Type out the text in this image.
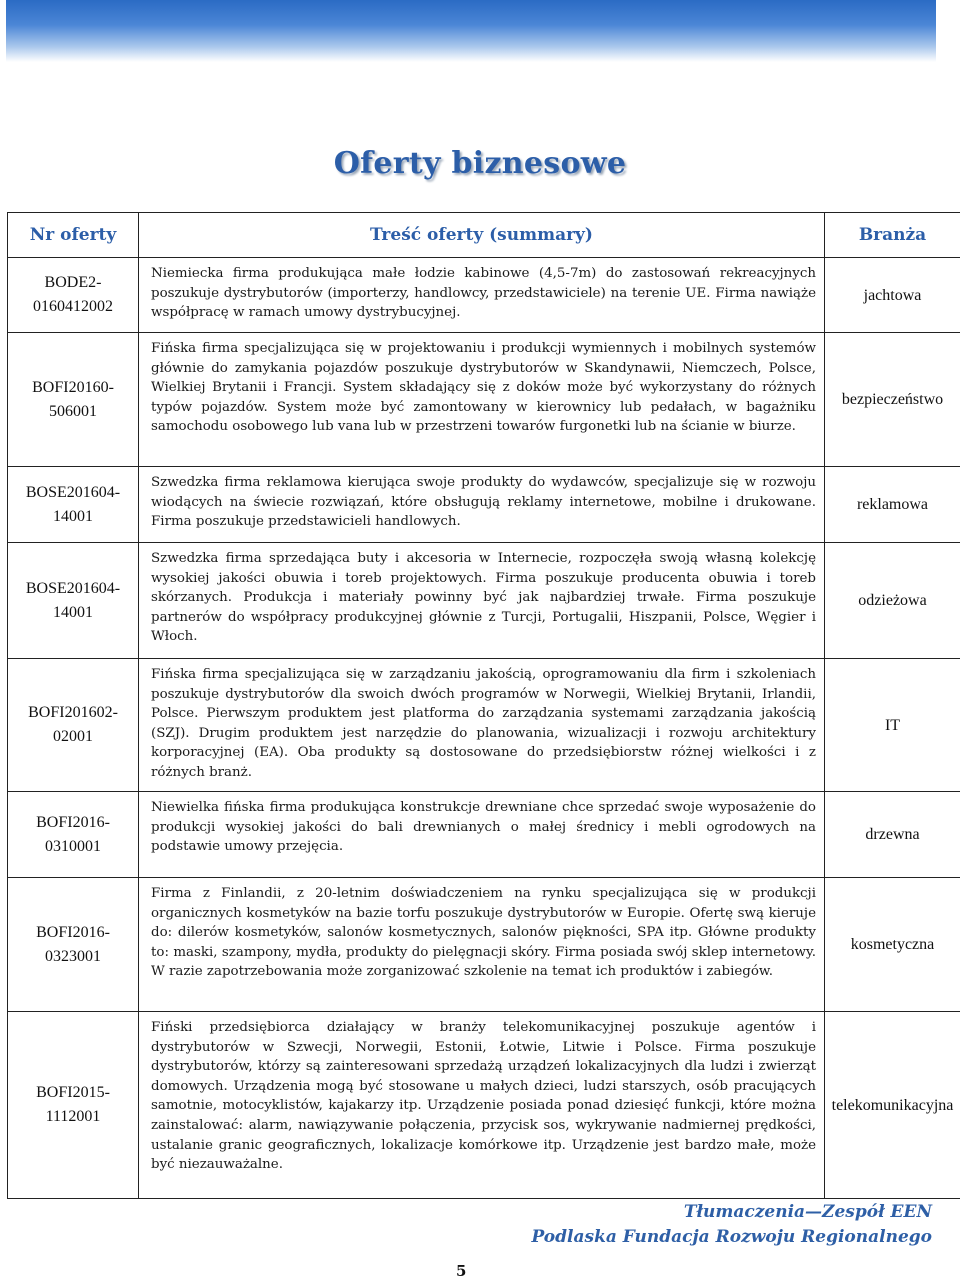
Oferty biznesowe
Nr oferty	Treść oferty (summary)	Branża

BODE2-
0160412002	Niemiecka firma produkująca małe łodzie kabinowe (4,5-7m) do zastosowań rekreacyjnych poszukuje dystrybutorów (importerzy, handlowcy, przedstawiciele) na terenie UE. Firma nawiąże współpracę w ramach umowy dystrybucyjnej.	jachtowa

BOFI20160-
506001	Fińska firma specjalizująca się w projektowaniu i produkcji wymiennych i mobilnych systemów głównie do zamykania pojazdów poszukuje dystrybutorów w Skandynawii, Niemczech, Polsce, Wielkiej Brytanii i Francji. System składający się z doków może być wykorzystany do różnych typów pojazdów. System może być zamontowany w kierownicy lub pedałach, w bagażniku samochodu osobowego lub vana lub w przestrzeni towarów furgonetki lub na ścianie w biurze.	bezpieczeństwo

BOSE201604-
14001	Szwedzka firma reklamowa kierująca swoje produkty do wydawców, specjalizuje się w rozwoju wiodących na świecie rozwiązań, które obsługują reklamy internetowe, mobilne i drukowane. Firma poszukuje przedstawicieli handlowych.	reklamowa

BOSE201604-
14001	Szwedzka firma sprzedająca buty i akcesoria w Internecie, rozpoczęła swoją własną kolekcję wysokiej jakości obuwia i toreb projektowych. Firma poszukuje producenta obuwia i toreb skórzanych. Produkcja i materiały powinny być jak najbardziej trwałe. Firma poszukuje partnerów do współpracy produkcyjnej głównie z Turcji, Portugalii, Hiszpanii, Polsce, Węgier i Włoch.	odzieżowa

BOFI201602-
02001	Fińska firma specjalizująca się w zarządzaniu jakością, oprogramowaniu dla firm i szkoleniach poszukuje dystrybutorów dla swoich dwóch programów w Norwegii, Wielkiej Brytanii, Irlandii, Polsce. Pierwszym produktem jest platforma do zarządzania systemami zarządzania jakością (SZJ). Drugim produktem jest narzędzie do planowania, wizualizacji i rozwoju architektury korporacyjnej (EA). Oba produkty są dostosowane do przedsiębiorstw różnej wielkości i z różnych branż.	IT

BOFI2016-
0310001	Niewielka fińska firma produkująca konstrukcje drewniane chce sprzedać swoje wyposażenie do produkcji wysokiej jakości do bali drewnianych o małej średnicy i mebli ogrodowych na podstawie umowy przejęcia.	drzewna

BOFI2016-
0323001	Firma z Finlandii, z 20-letnim doświadczeniem na rynku specjalizująca się w produkcji organicznych kosmetyków na bazie torfu poszukuje dystrybutorów w Europie. Ofertę swą kieruje do: dilerów kosmetyków, salonów kosmetycznych, salonów piękności, SPA itp. Główne produkty to: maski, szampony, mydła, produkty do pielęgnacji skóry. Firma posiada swój sklep internetowy. W razie zapotrzebowania może zorganizować szkolenie na temat ich produktów i zabiegów.	kosmetyczna

BOFI2015-
1112001	Fiński przedsiębiorca działający w branży telekomunikacyjnej poszukuje agentów i dystrybutorów w Szwecji, Norwegii, Estonii, Łotwie, Litwie i Polsce. Firma poszukuje dystrybutorów, którzy są zainteresowani sprzedażą urządzeń lokalizacyjnych dla ludzi i zwierząt domowych. Urządzenia mogą być stosowane u małych dzieci, ludzi starszych, osób pracujących samotnie, motocyklistów, kajakarzy itp. Urządzenie posiada ponad dziesięć funkcji, które można zainstalować: alarm, nawiązywanie połączenia, przycisk sos, wykrywanie nadmiernej prędkości, ustalanie granic geograficznych, lokalizacje komórkowe itp. Urządzenie jest bardzo małe, może być niezauważalne.	telekomunikacyjna
Tłumaczenia—Zespół EEN
Podlaska Fundacja Rozwoju Regionalnego
5
